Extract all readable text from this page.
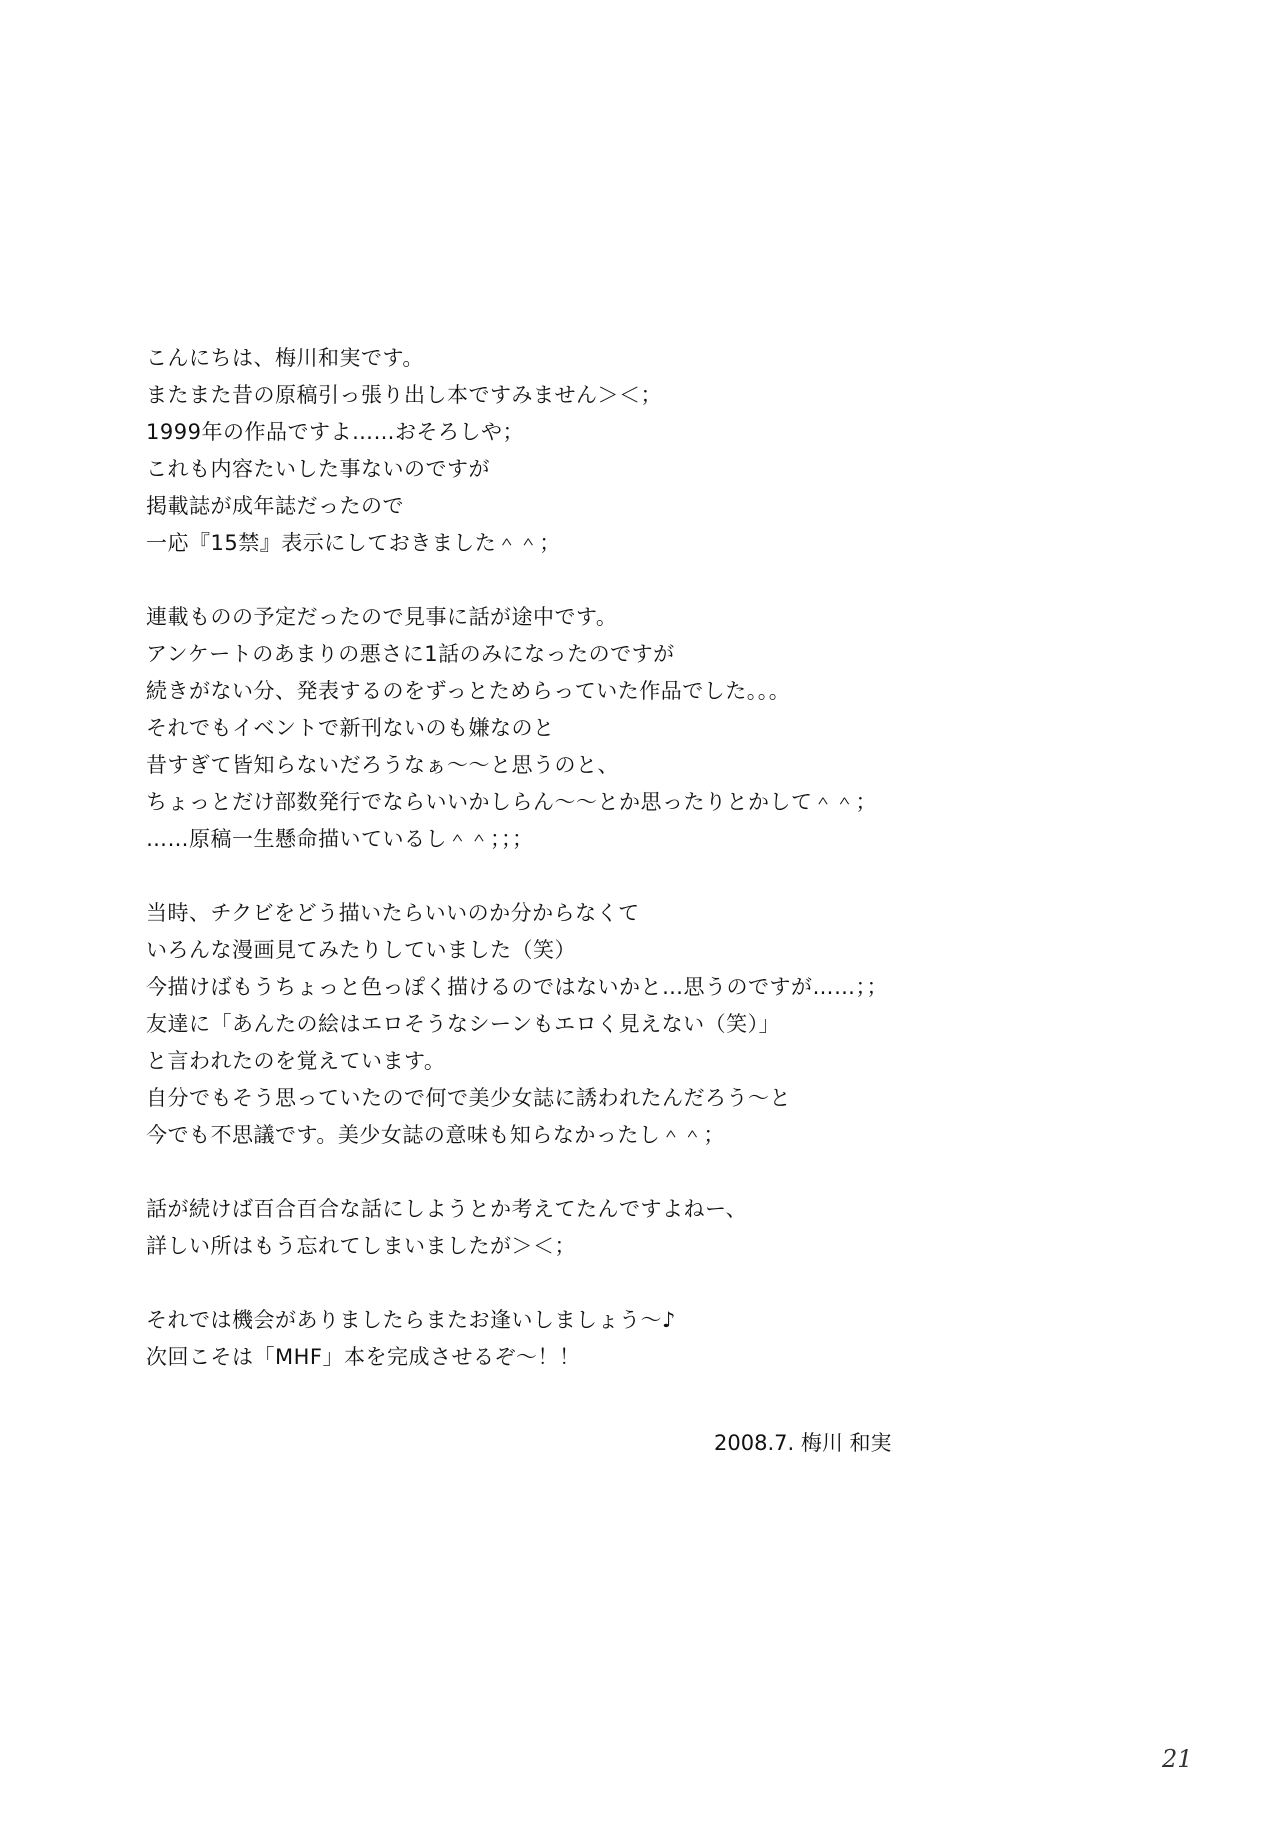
こんにちは、梅川和実です。
またまた昔の原稿引っ張り出し本ですみません＞＜；
1999年の作品ですよ……おそろしや；
これも内容たいした事ないのですが
掲載誌が成年誌だったので
一応『15禁』表示にしておきました＾＾；
連載ものの予定だったので見事に話が途中です。
アンケートのあまりの悪さに1話のみになったのですが
続きがない分、発表するのをずっとためらっていた作品でした。。。
それでもイベントで新刊ないのも嫌なのと
昔すぎて皆知らないだろうなぁ～～と思うのと、
ちょっとだけ部数発行でならいいかしらん～～とか思ったりとかして＾＾；
……原稿一生懸命描いているし＾＾；；；
当時、チクビをどう描いたらいいのか分からなくて
いろんな漫画見てみたりしていました（笑）
今描けばもうちょっと色っぽく描けるのではないかと…思うのですが……；；
友達に「あんたの絵はエロそうなシーンもエロく見えない（笑）」
と言われたのを覚えています。
自分でもそう思っていたので何で美少女誌に誘われたんだろう～と
今でも不思議です。美少女誌の意味も知らなかったし＾＾；
話が続けば百合百合な話にしようとか考えてたんですよねー、
詳しい所はもう忘れてしまいましたが＞＜；
それでは機会がありましたらまたお逢いしましょう～♪
次回こそは「MHF」本を完成させるぞ～！！
2008.7. 梅川 和実
21
